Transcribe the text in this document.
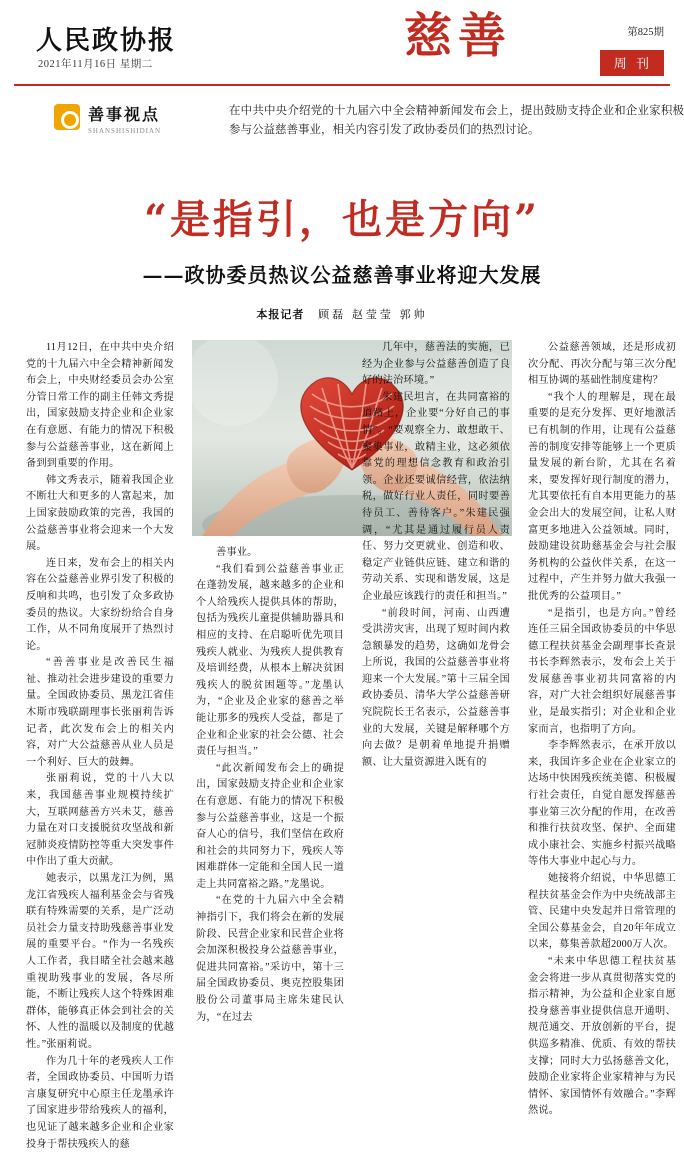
人民政协报
2021年11月16日 星期二
慈善	第825期
周 刊
善事视点
SHANSHISHIDIAN
在中共中央介绍党的十九届六中全会精神新闻发布会上，提出鼓励支持企业和企业家积极参与公益慈善事业，相关内容引发了政协委员们的热烈讨论。
“是指引，也是方向”
——政协委员热议公益慈善事业将迎大发展
本报记者 顾磊 赵莹莹 郭帅

11月12日，在中共中央介绍党的十九届六中全会精神新闻发布会上，中央财经委员会办公室分管日常工作的副主任韩文秀提出，国家鼓励支持企业和企业家在有意愿、有能力的情况下积极参与公益慈善事业，这在新闻上备到到重要的作用。

韩文秀表示，随着我国企业不断壮大和更多的人富起来，加上国家鼓励政策的完善，我国的公益慈善事业将会迎来一个大发展。

连日来，发布会上的相关内容在公益慈善业界引发了积极的反响和共鸣，也引发了众多政协委员的热议。大家纷纷给合自身工作，从不同角度展开了热烈讨论。

“善善事业是改善民生福祉、推动社会进步建设的重要力量。全国政协委员、黑龙江省佳木斯市残联副理事长张丽莉告诉记者，此次发布会上的相关内容，对广大公益慈善从业人员是一个利好、巨大的鼓舞。

张丽莉说，党的十八大以来，我国慈善事业规模持续扩大，互联网慈善方兴未艾，慈善力量在对口支援脱贫攻坚战和新冠肺炎疫情防控等重大突发事件中作出了重大贡献。

她表示，以黑龙江为例，黑龙江省残疾人福利基金会与省残联有特殊需要的关系，是广泛动员社会力量支持助残慈善事业发展的重要平台。“作为一名残疾人工作者，我目睹全社会越来越重视助残事业的发展，各尽所能，不断让残疾人这个特殊困难群体，能够真正体会到社会的关怀、人性的温暖以及制度的优越性。”张丽莉说。

作为几十年的老残疾人工作者，全国政协委员、中国听力语言康复研究中心原主任龙墨承许了国家进步带给残疾人的福利，也见证了越来越多企业和企业家投身于帮扶残疾人的慈

善事业。

“我们看到公益慈善事业正在蓬勃发展，越来越多的企业和个人给残疾人提供具体的帮助，包括为残疾儿童提供辅助器具和相应的支持、在启聪听优先项目残疾人就业、为残疾人提供教育及培训经费，从根本上解决贫困残疾人的脱贫困题等。”龙墨认为，“企业及企业家的慈善之举能让那多的残疾人受益，都是了企业和企业家的社会公德、社会责任与担当。”

“此次新闻发布会上的确提出，国家鼓励支持企业和企业家在有意愿、有能力的情况下积极参与公益慈善事业，这是一个振奋人心的信号，我们坚信在政府和社会的共同努力下，残疾人等困难群体一定能和全国人民一道走上共同富裕之路。”龙墨说。

“在党的十九届六中全会精神指引下，我们将会在新的发展阶段、民营企业家和民营企业将会加深积极投身公益慈善事业，促进共同富裕。”采访中，第十三届全国政协委员、奥克控股集团股份公司董事局主席朱建民认为，“在过去

几年中，慈善法的实施，已经为企业参与公益慈善创造了良好的法治环境。”

朱建民坦言，在共同富裕的道路上，企业要“分好自己的事情”。“要观察全力、敢想敢干、聚集事业，敢精主业，这必须依靠党的理想信念教育和政治引领。企业还要诚信经营，依法纳税，做好行业人责任，同时要善待员工、善待客户。”朱建民强调，“尤其是通过履行员人责任、努力交更就业、创造和收、稳定产业链供应链、建立和谐的劳动关系、实现和谐发展，这是企业最应该践行的责任和担当。”

“前段时间，河南、山西遭受洪涝灾害，出现了短时间内救急额暴发的趋势，这确如龙骨会上所说，我国的公益慈善事业将迎来一个大发展。”第十三届全国政协委员、清华大学公益慈善研究院院长王名表示，公益慈善事业的大发展，关键是解释哪个方向去做？是朝着单地提升捐赠额、让大量资源进入既有的

公益慈善领域，还是形成初次分配、再次分配与第三次分配相互协调的基础性制度建构？

“我个人的理解是，现在最重要的是充分发挥、更好地激活已有机制的作用，让现有公益慈善的制度安排等能够上一个更质量发展的新台阶，尤其在名着来，要发挥好现行制度的潜力，尤其要依托有自本用更能力的基金会出大的发展空间，让私人财富更多地进入公益领域。同时，鼓励建设贫助慈基金会与社会服务机构的公益伙伴关系，在这一过程中，产生并努力做大我强一批优秀的公益项目。”

“是指引，也是方向。”曾经连任三届全国政协委员的中华思德工程扶贫基金会副理事长查景书长李辉然表示，发布会上关于发展慈善事业初共同富裕的内容，对广大社会组织好展慈善事业，是最实指引；对企业和企业家而言，也指明了方向。

李李辉然表示，在承开放以来，我国许多企业在企业家立的达场中快困残疾统美德、积极履行社会责任，自觉自愿发挥慈善事业第三次分配的作用，在改善和推行扶贫攻坚、保护、全面建成小康社会、实施乡村振兴战略等伟大事业中起心与力。

她接将介绍说，中华思德工程扶贫基金会作为中央统战部主管、民建中央发起并日常管理的全国公募基金会，自20年年成立以来，募集善款超2000万人次。

“未来中华思德工程扶贫基金会将进一步从真贯彻落实党的指示精神，为公益和企业家自愿投身慈善事业提供信息开通明、规范通交、开放创新的平台，提供巡多精准、优质、有效的帮扶支撑；同时大力弘扬慈善文化，鼓励企业家将企业家精神与为民情怀、家国情怀有效融合。”李辉然说。
